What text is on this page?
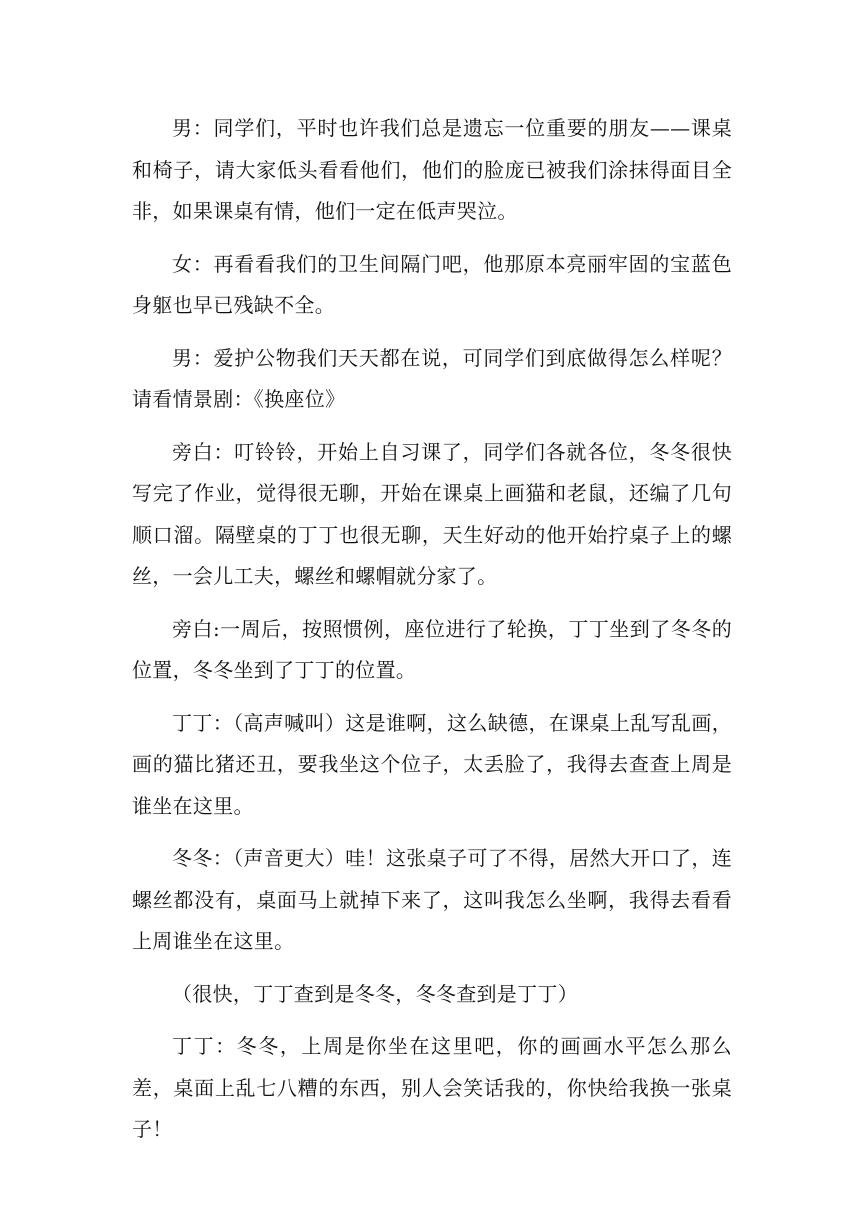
男：同学们，平时也许我们总是遗忘一位重要的朋友——课桌和椅子，请大家低头看看他们，他们的脸庞已被我们涂抹得面目全非，如果课桌有情，他们一定在低声哭泣。

女：再看看我们的卫生间隔门吧，他那原本亮丽牢固的宝蓝色身躯也早已残缺不全。

男：爱护公物我们天天都在说，可同学们到底做得怎么样呢？请看情景剧：《换座位》

旁白：叮铃铃，开始上自习课了，同学们各就各位，冬冬很快写完了作业，觉得很无聊，开始在课桌上画猫和老鼠，还编了几句顺口溜。隔壁桌的丁丁也很无聊，天生好动的他开始拧桌子上的螺丝，一会儿工夫，螺丝和螺帽就分家了。

旁白:一周后，按照惯例，座位进行了轮换，丁丁坐到了冬冬的位置，冬冬坐到了丁丁的位置。

丁丁：（高声喊叫）这是谁啊，这么缺德，在课桌上乱写乱画，画的猫比猪还丑，要我坐这个位子，太丢脸了，我得去查查上周是谁坐在这里。

冬冬：（声音更大）哇！这张桌子可了不得，居然大开口了，连螺丝都没有，桌面马上就掉下来了，这叫我怎么坐啊，我得去看看上周谁坐在这里。

（很快，丁丁查到是冬冬，冬冬查到是丁丁）

丁丁：冬冬，上周是你坐在这里吧，你的画画水平怎么那么差，桌面上乱七八糟的东西，别人会笑话我的，你快给我换一张桌子！
